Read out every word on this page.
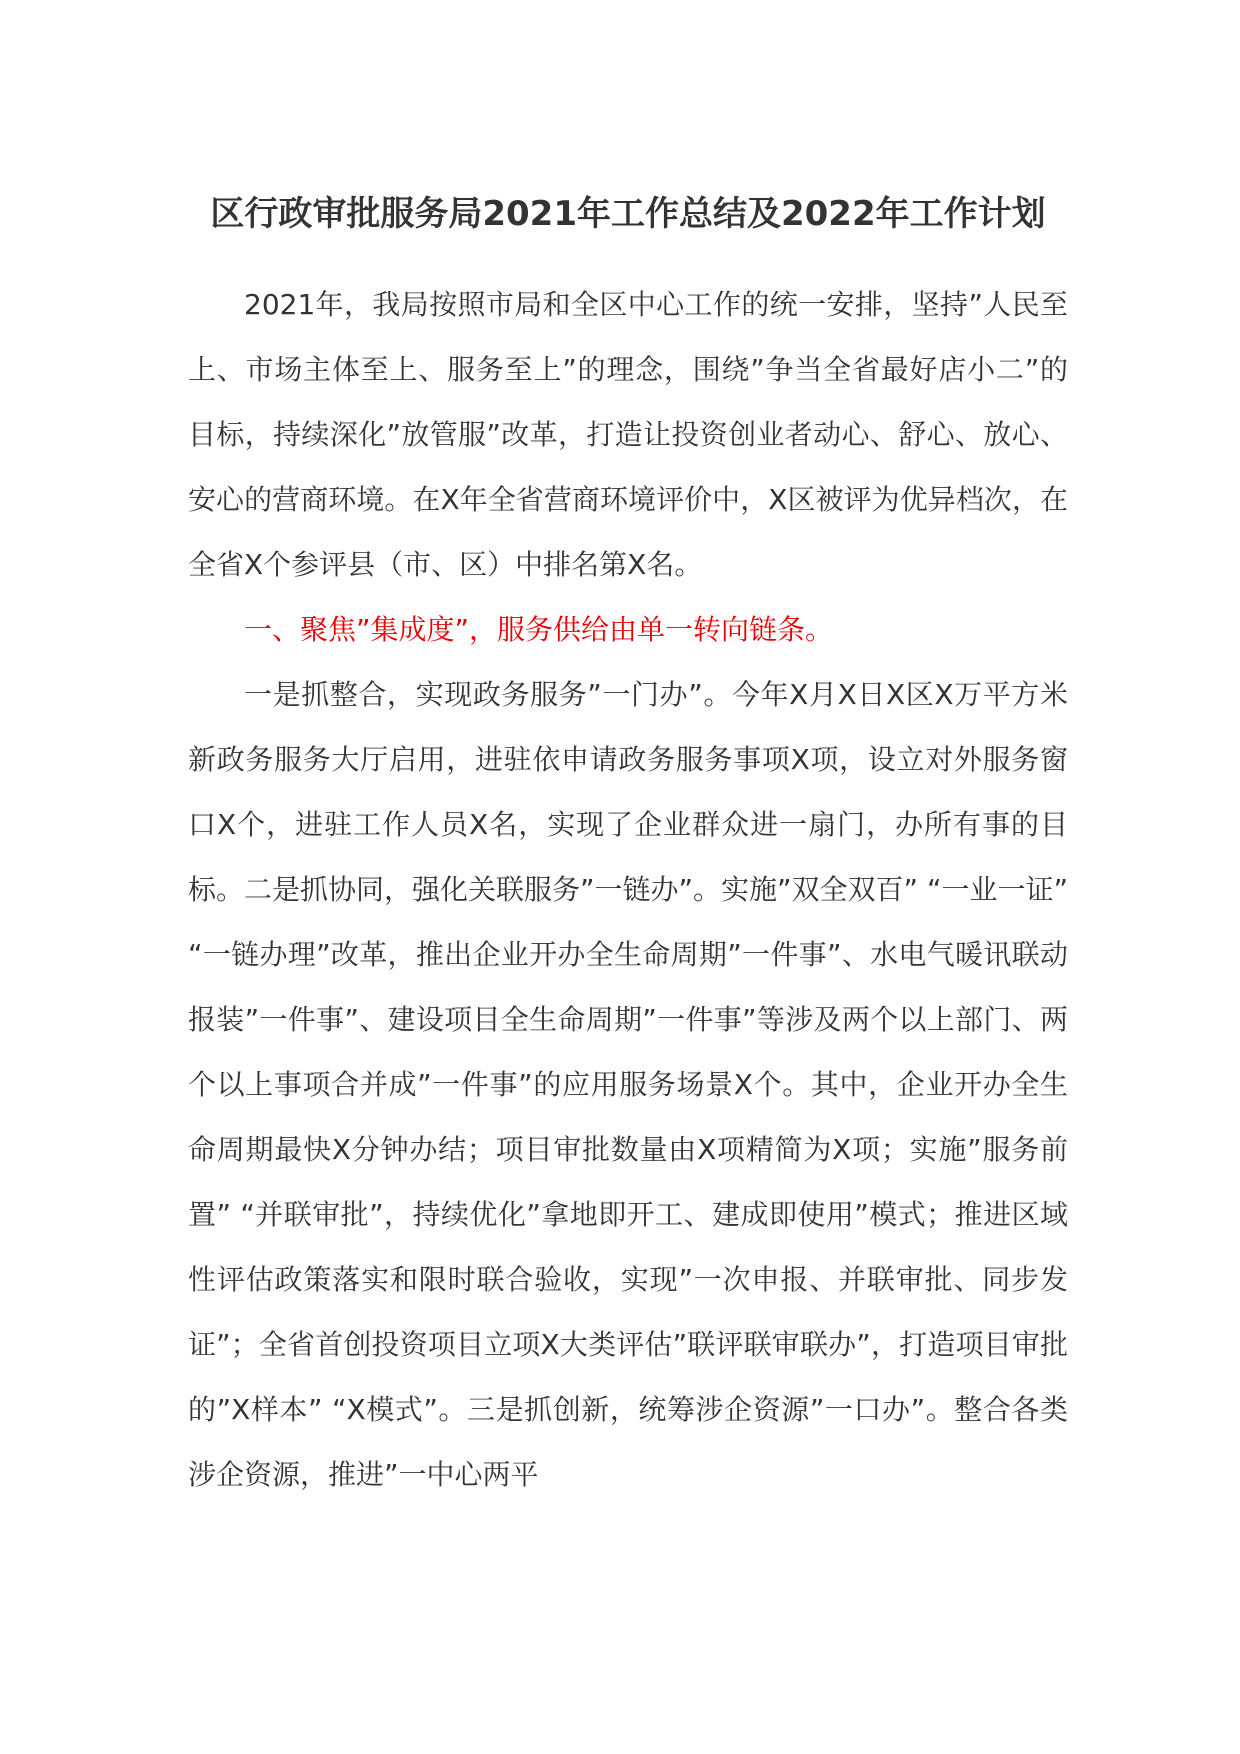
区行政审批服务局2021年工作总结及2022年工作计划

2021年，我局按照市局和全区中心工作的统一安排，坚持”人民至上、市场主体至上、服务至上”的理念，围绕”争当全省最好店小二”的目标，持续深化”放管服”改革，打造让投资创业者动心、舒心、放心、安心的营商环境。在X年全省营商环境评价中，X区被评为优异档次，在全省X个参评县（市、区）中排名第X名。

一、聚焦”集成度”，服务供给由单一转向链条。

一是抓整合，实现政务服务”一门办”。今年X月X日X区X万平方米新政务服务大厅启用，进驻依申请政务服务事项X项，设立对外服务窗口X个，进驻工作人员X名，实现了企业群众进一扇门，办所有事的目标。二是抓协同，强化关联服务”一链办”。实施”双全双百” “一业一证” “一链办理”改革，推出企业开办全生命周期”一件事”、水电气暖讯联动报装”一件事”、建设项目全生命周期”一件事”等涉及两个以上部门、两个以上事项合并成”一件事”的应用服务场景X个。其中，企业开办全生命周期最快X分钟办结；项目审批数量由X项精简为X项；实施”服务前置” “并联审批”，持续优化”拿地即开工、建成即使用”模式；推进区域性评估政策落实和限时联合验收，实现”一次申报、并联审批、同步发证”；全省首创投资项目立项X大类评估”联评联审联办”，打造项目审批的”X样本” “X模式”。三是抓创新，统筹涉企资源”一口办”。整合各类涉企资源，推进”一中心两平
